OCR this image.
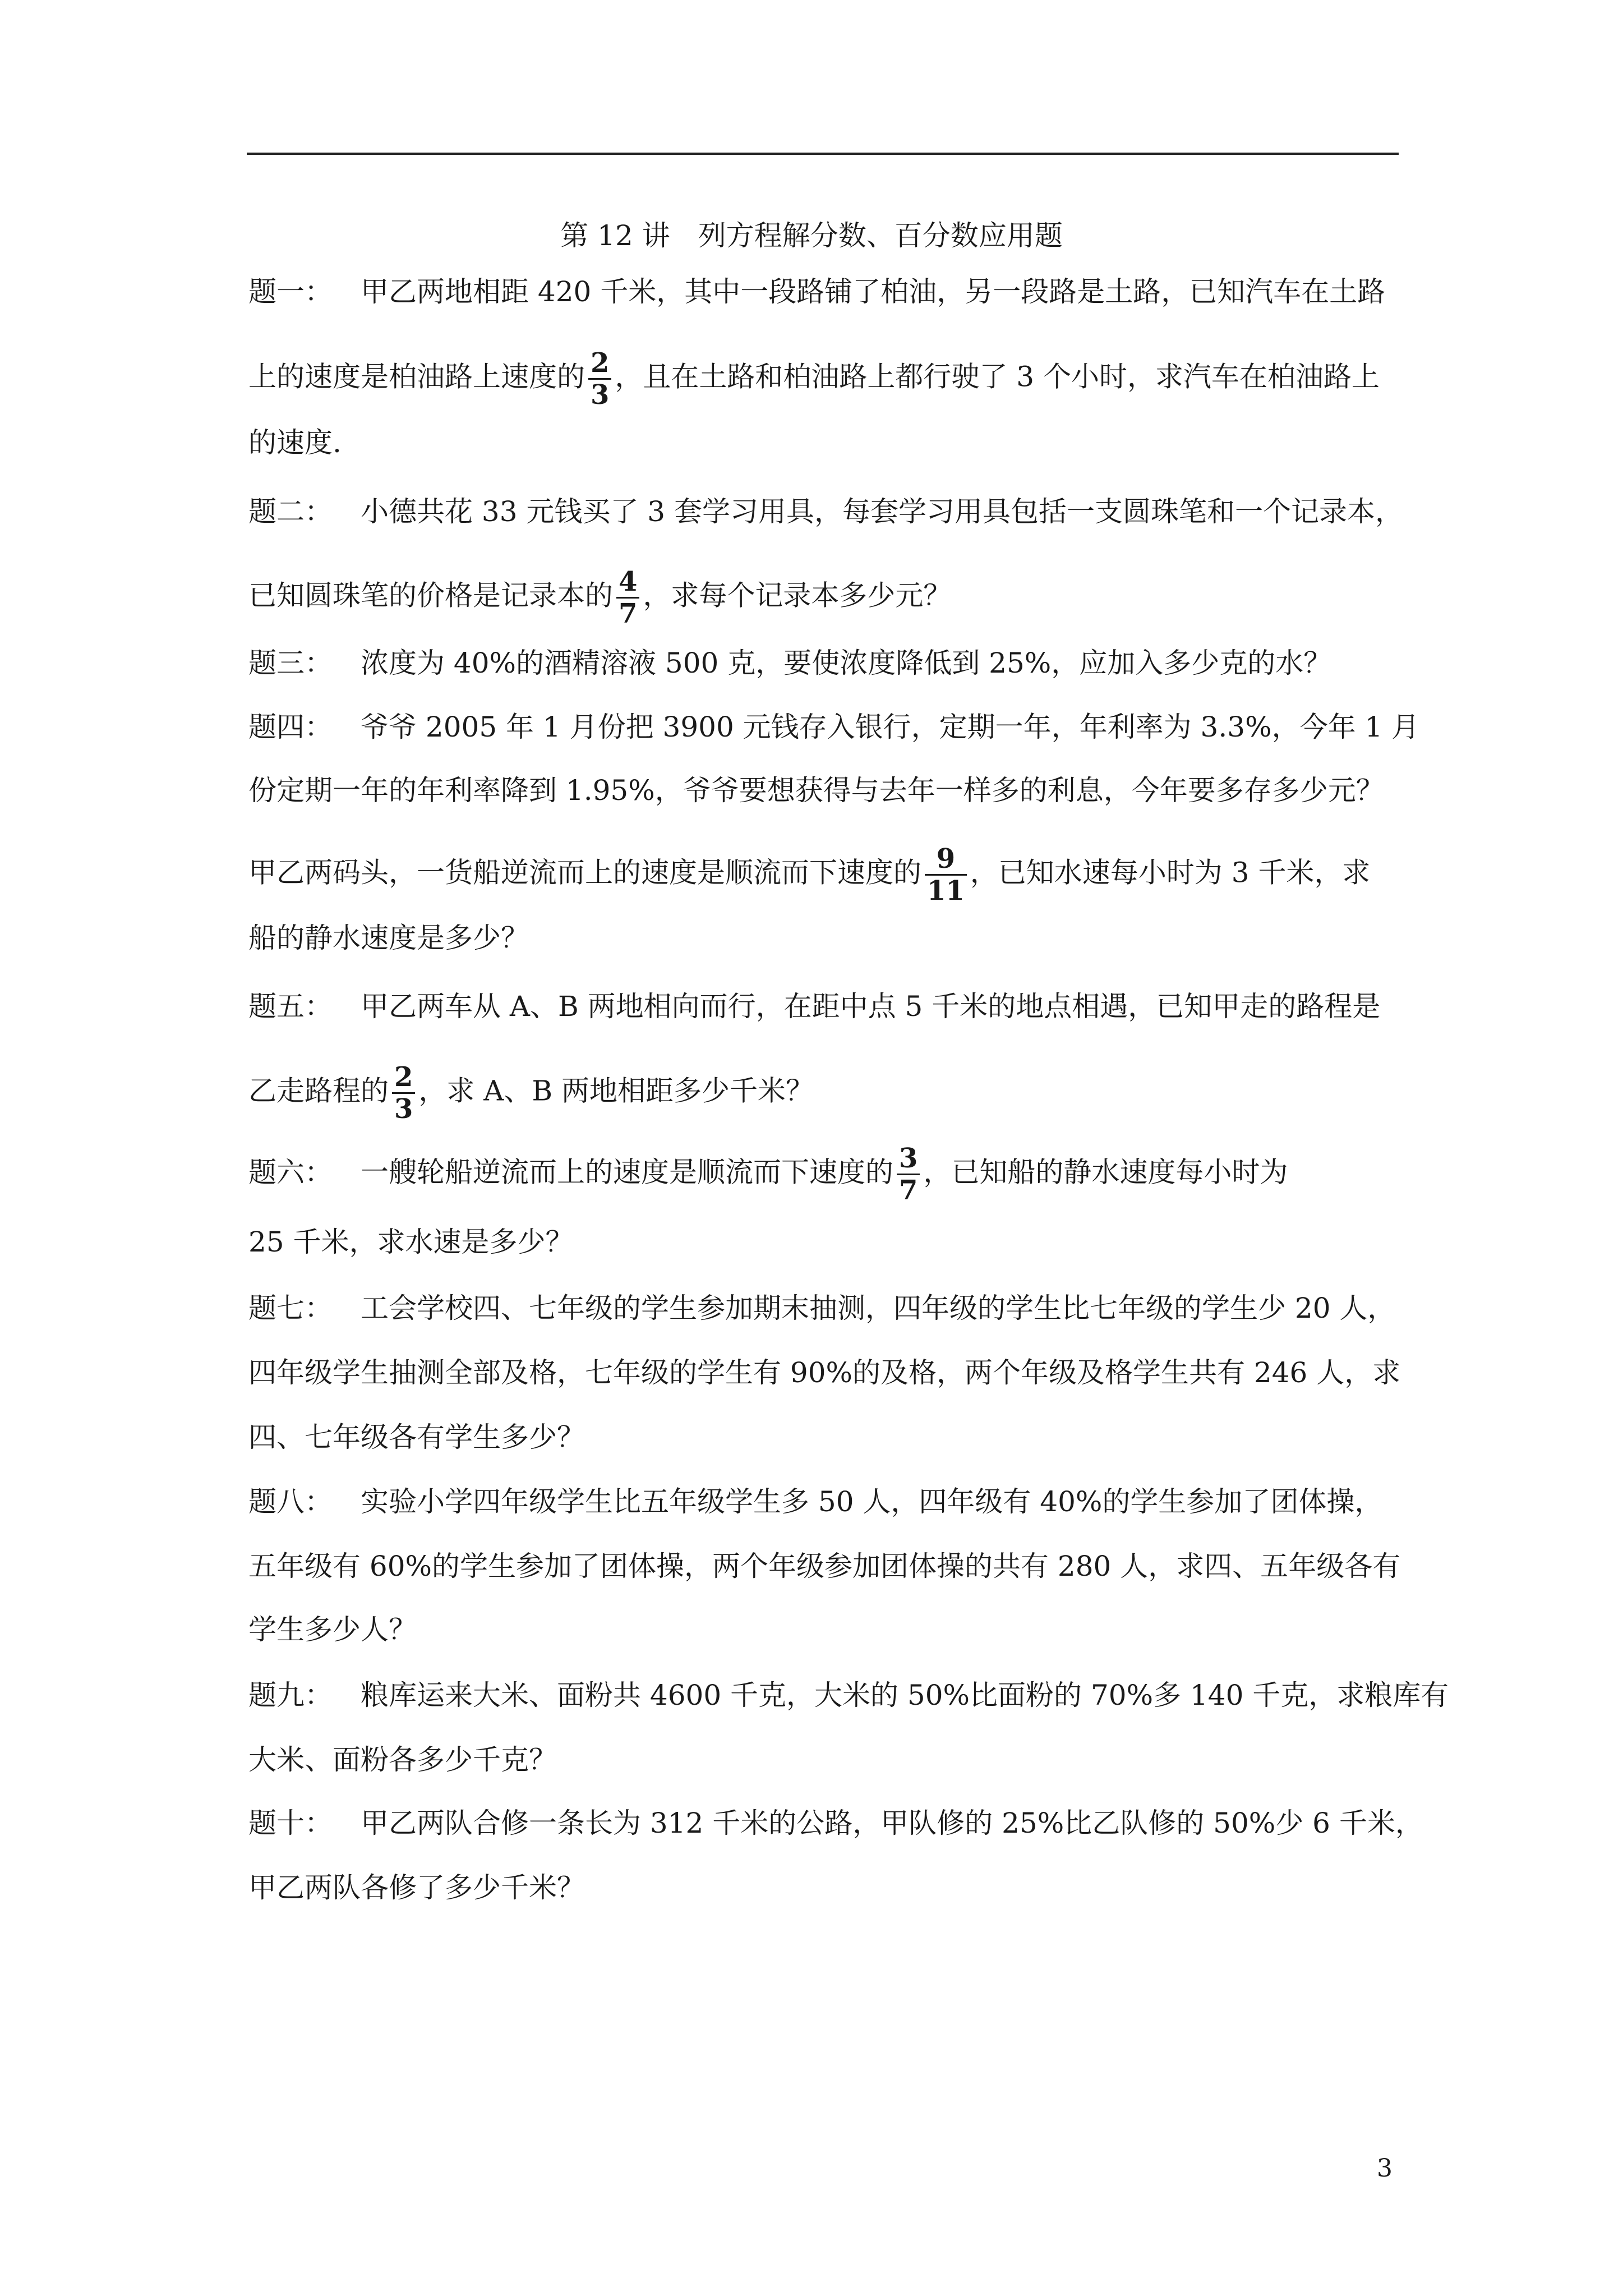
第 12 讲　列方程解分数、百分数应用题
题一： 甲乙两地相距 420 千米，其中一段路铺了柏油，另一段路是土路，已知汽车在土路
上的速度是柏油路上速度的 $\frac{2}{3}$ ，且在土路和柏油路上都行驶了 3 个小时，求汽车在柏油路上
的速度.
题二： 小德共花 33 元钱买了 3 套学习用具，每套学习用具包括一支圆珠笔和一个记录本，
已知圆珠笔的价格是记录本的 $\frac{4}{7}$ ，求每个记录本多少元？
题三： 浓度为 40%的酒精溶液 500 克，要使浓度降低到 25%，应加入多少克的水？
题四： 爷爷 2005 年 1 月份把 3900 元钱存入银行，定期一年，年利率为 3.3%，今年 1 月
份定期一年的年利率降到 1.95%，爷爷要想获得与去年一样多的利息，今年要多存多少元？
甲乙两码头，一货船逆流而上的速度是顺流而下速度的 $\frac{9}{11}$ ，已知水速每小时为 3 千米，求
船的静水速度是多少？
题五： 甲乙两车从 A、B 两地相向而行，在距中点 5 千米的地点相遇，已知甲走的路程是
乙走路程的 $\frac{2}{3}$ ，求 A、B 两地相距多少千米？
题六： 一艘轮船逆流而上的速度是顺流而下速度的 $\frac{3}{7}$ ，已知船的静水速度每小时为
25 千米，求水速是多少？
题七： 工会学校四、七年级的学生参加期末抽测，四年级的学生比七年级的学生少 20 人，
四年级学生抽测全部及格，七年级的学生有 90%的及格，两个年级及格学生共有 246 人，求
四、七年级各有学生多少？
题八： 实验小学四年级学生比五年级学生多 50 人，四年级有 40%的学生参加了团体操，
五年级有 60%的学生参加了团体操，两个年级参加团体操的共有 280 人，求四、五年级各有
学生多少人？
题九： 粮库运来大米、面粉共 4600 千克，大米的 50%比面粉的 70%多 140 千克，求粮库有
大米、面粉各多少千克？
题十： 甲乙两队合修一条长为 312 千米的公路，甲队修的 25%比乙队修的 50%少 6 千米，
甲乙两队各修了多少千米？
3
